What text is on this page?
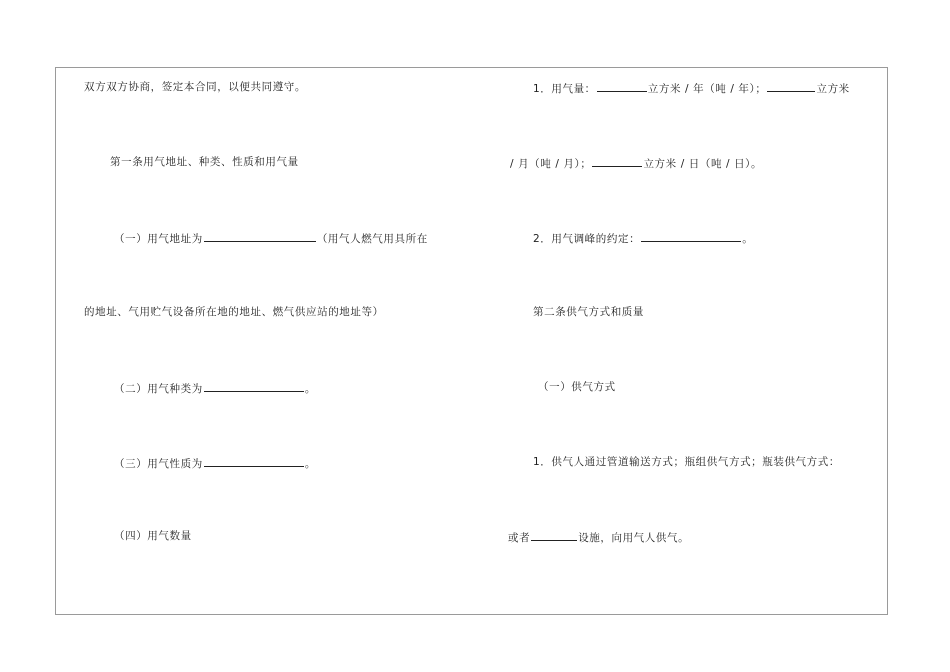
双方双方协商，签定本合同，以便共同遵守。
第一条用气地址、种类、性质和用气量
（一）用气地址为	（用气人燃气用具所在
的地址、气用贮气设备所在地的地址、燃气供应站的地址等）
（二）用气种类为	。
（三）用气性质为	。
（四）用气数量
1．用气量：	立方米 / 年（吨 / 年）；	立方米
/ 月（吨 / 月）；	立方米 / 日（吨 / 日）。
2．用气调峰的约定：	。
第二条供气方式和质量
（一）供气方式
1．供气人通过管道输送方式；瓶组供气方式；瓶装供气方式：
或者	设施，向用气人供气。
